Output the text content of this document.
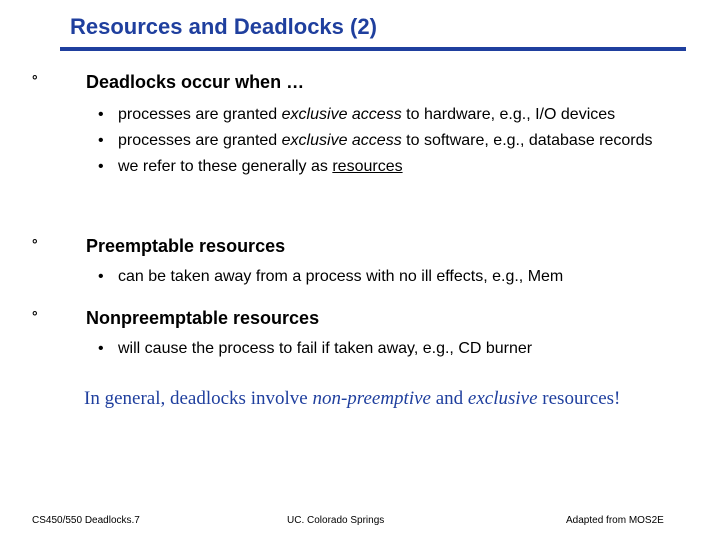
Resources and Deadlocks (2)
°	Deadlocks occur when …
• processes are granted exclusive access to hardware, e.g., I/O devices
• processes are granted exclusive access to software, e.g., database records
• we refer to these generally as resources
°	Preemptable resources
• can be taken away from a process with no ill effects, e.g., Mem
°	Nonpreemptable resources
• will cause the process to fail if taken away, e.g., CD burner
In general, deadlocks involve non-preemptive and exclusive resources!
CS450/550 Deadlocks.7	UC. Colorado Springs	Adapted from MOS2E
